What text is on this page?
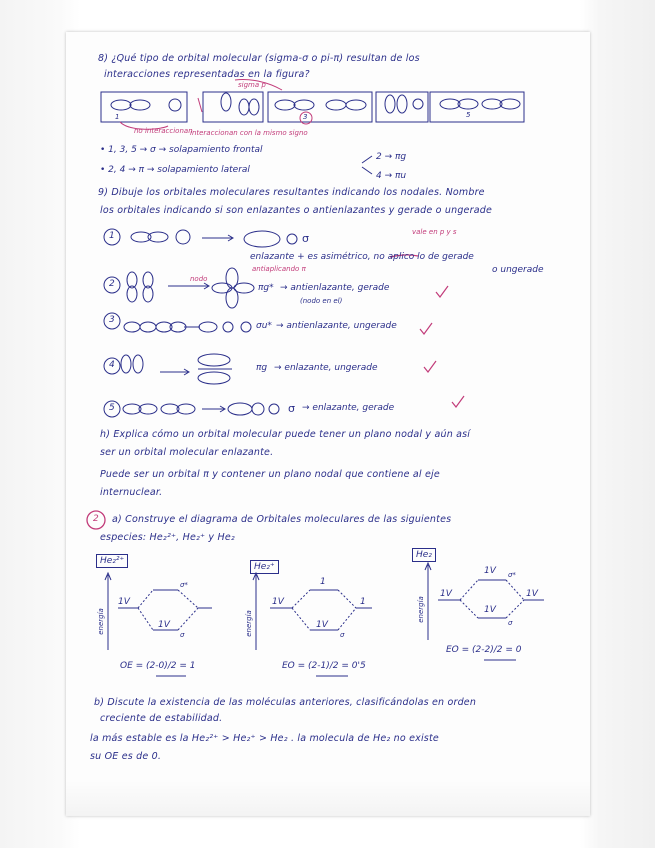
8) ¿Qué tipo de orbital molecular (sigma-σ o pi-π) resultan de los
interacciones representadas en la figura?
sigma p
no interaccionan
interaccionan con la mismo signo
1	3	5
• 1, 3, 5 → σ → solapamiento frontal
• 2, 4 → π → solapamiento lateral
2 → πg
4 → πu
9) Dibuje los orbitales moleculares resultantes indicando los nodales. Nombre
los orbitales indicando si son enlazantes o antienlazantes y gerade o ungerade
1	σ	vale en p y s
enlazante + es asimétrico, no aplico lo de gerade
antiaplicando π	o ungerade
2	nodo
πg* → antienlazante, gerade
(nodo en el)
3
σu* → antienlazante, ungerade
4	πg → enlazante, ungerade
5	σ → enlazante, gerade
h) Explica cómo un orbital molecular puede tener un plano nodal y aún así
ser un orbital molecular enlazante.
Puede ser un orbital π y contener un plano nodal que contiene al eje
internuclear.
2 a) Construye el diagrama de Orbitales moleculares de las siguientes
especies: He₂²⁺, He₂⁺ y He₂
He₂²⁺
He₂⁺
He₂
energía	energía
energía
1V
1V
σ*
σ
OE = (2-0)/2 = 1
1
1V	1
1V
σ
EO = (2-1)/2 = 0'5
1V σ*
1V	1V
1V
σ
EO = (2-2)/2 = 0
b) Discute la existencia de las moléculas anteriores, clasificándolas en orden
creciente de estabilidad.
la más estable es la He₂²⁺ > He₂⁺ > He₂ . la molecula de He₂ no existe
su OE es de 0.
